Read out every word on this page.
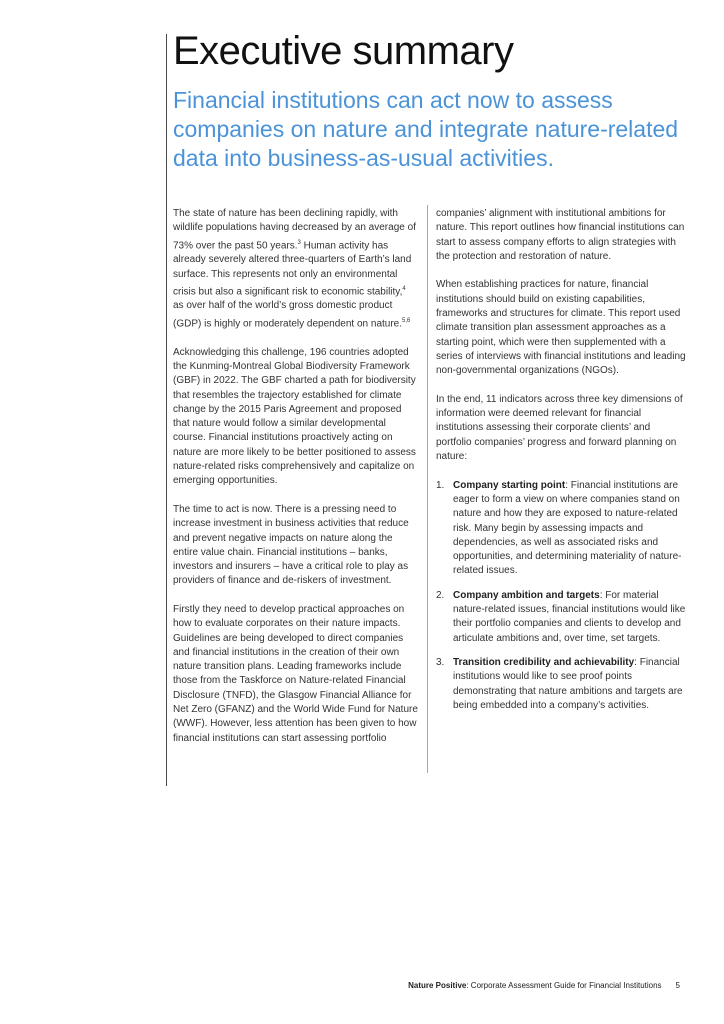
Executive summary
Financial institutions can act now to assess companies on nature and integrate nature-related data into business-as-usual activities.

The state of nature has been declining rapidly, with wildlife populations having decreased by an average of 73% over the past 50 years.$^3$ Human activity has already severely altered three-quarters of Earth’s land surface. This represents not only an environmental crisis but also a significant risk to economic stability,$^4$ as over half of the world’s gross domestic product (GDP) is highly or moderately dependent on nature.$^{5,6}$

Acknowledging this challenge, 196 countries adopted the Kunming-Montreal Global Biodiversity Framework (GBF) in 2022. The GBF charted a path for biodiversity that resembles the trajectory established for climate change by the 2015 Paris Agreement and proposed that nature would follow a similar developmental course. Financial institutions proactively acting on nature are more likely to be better positioned to assess nature-related risks comprehensively and capitalize on emerging opportunities.

The time to act is now. There is a pressing need to increase investment in business activities that reduce and prevent negative impacts on nature along the entire value chain. Financial institutions – banks, investors and insurers – have a critical role to play as providers of finance and de-riskers of investment.

Firstly they need to develop practical approaches on how to evaluate corporates on their nature impacts. Guidelines are being developed to direct companies and financial institutions in the creation of their own nature transition plans. Leading frameworks include those from the Taskforce on Nature-related Financial Disclosure (TNFD), the Glasgow Financial Alliance for Net Zero (GFANZ) and the World Wide Fund for Nature (WWF). However, less attention has been given to how financial institutions can start assessing portfolio

companies’ alignment with institutional ambitions for nature. This report outlines how financial institutions can start to assess company efforts to align strategies with the protection and restoration of nature.

When establishing practices for nature, financial institutions should build on existing capabilities, frameworks and structures for climate. This report used climate transition plan assessment approaches as a starting point, which were then supplemented with a series of interviews with financial institutions and leading non-governmental organizations (NGOs).

In the end, 11 indicators across three key dimensions of information were deemed relevant for financial institutions assessing their corporate clients’ and portfolio companies’ progress and forward planning on nature:

1. Company starting point: Financial institutions are eager to form a view on where companies stand on nature and how they are exposed to nature-related risk. Many begin by assessing impacts and dependencies, as well as associated risks and opportunities, and determining materiality of nature-related issues.
2. Company ambition and targets: For material nature-related issues, financial institutions would like their portfolio companies and clients to develop and articulate ambitions and, over time, set targets.
3. Transition credibility and achievability: Financial institutions would like to see proof points demonstrating that nature ambitions and targets are being embedded into a company’s activities.
Nature Positive: Corporate Assessment Guide for Financial Institutions 5
